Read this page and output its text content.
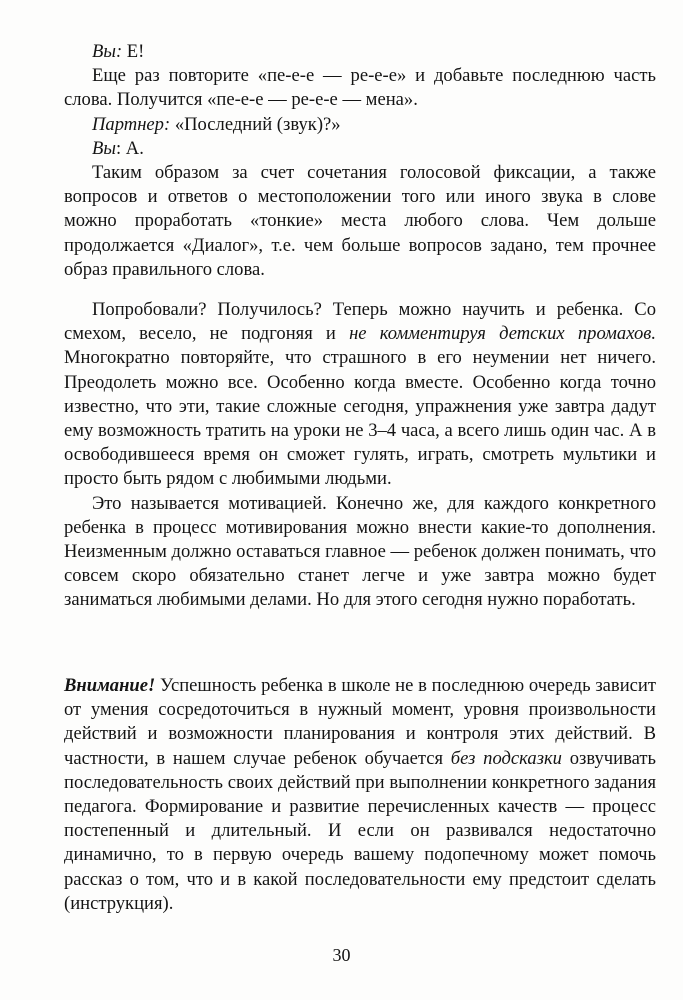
Вы: Е!

Еще раз повторите «пе-е-е — ре-е-е» и добавьте последнюю часть слова. Получится «пе-е-е — ре-е-е — мена».

Партнер: «Последний (звук)?»

Вы: А.

Таким образом за счет сочетания голосовой фиксации, а также вопросов и ответов о местоположении того или иного звука в слове можно проработать «тонкие» места любого слова. Чем дольше продолжается «Диалог», т.е. чем больше вопросов задано, тем прочнее образ правильного слова.

Попробовали? Получилось? Теперь можно научить и ребенка. Со смехом, весело, не подгоняя и не комментируя детских промахов. Многократно повторяйте, что страшного в его неумении нет ничего. Преодолеть можно все. Особенно когда вместе. Особенно когда точно известно, что эти, такие сложные сегодня, упражнения уже завтра дадут ему возможность тратить на уроки не 3–4 часа, а всего лишь один час. А в освободившееся время он сможет гулять, играть, смотреть мультики и просто быть рядом с любимыми людьми.

Это называется мотивацией. Конечно же, для каждого конкретного ребенка в процесс мотивирования можно внести какие-то дополнения. Неизменным должно оставаться главное — ребенок должен понимать, что совсем скоро обязательно станет легче и уже завтра можно будет заниматься любимыми делами. Но для этого сегодня нужно поработать.

Внимание! Успешность ребенка в школе не в последнюю очередь зависит от умения сосредоточиться в нужный момент, уровня произвольности действий и возможности планирования и контроля этих действий. В частности, в нашем случае ребенок обучается без подсказки озвучивать последовательность своих действий при выполнении конкретного задания педагога. Формирование и развитие перечисленных качеств — процесс постепенный и длительный. И если он развивался недостаточно динамично, то в первую очередь вашему подопечному может помочь рассказ о том, что и в какой последовательности ему предстоит сделать (инструкция).

30
